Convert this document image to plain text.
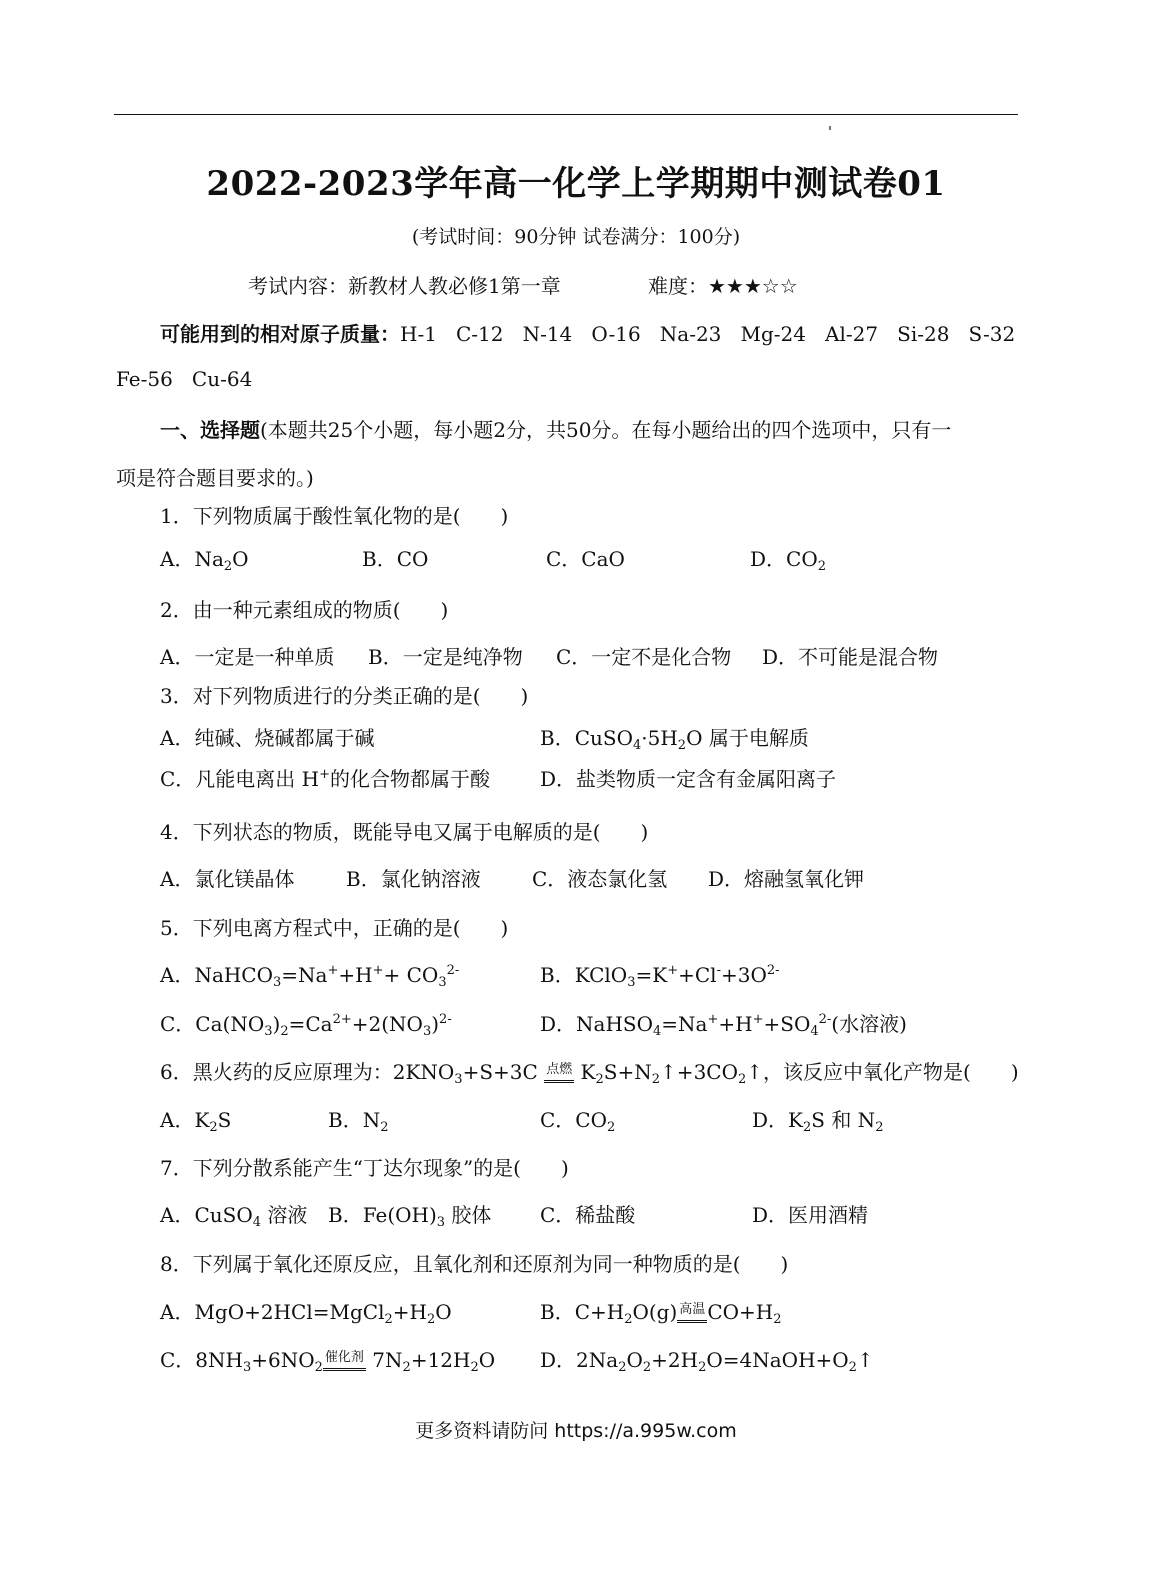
2022-2023学年高一化学上学期期中测试卷01
(考试时间：90分钟 试卷满分：100分)
考试内容：新教材人教必修1第一章	难度：★★★☆☆
可能用到的相对原子质量：H-1   C-12   N-14   O-16   Na-23   Mg-24   Al-27   Si-28   S-32
Fe-56   Cu-64
一、选择题(本题共25个小题，每小题2分，共50分。在每小题给出的四个选项中，只有一
项是符合题目要求的。)
1．下列物质属于酸性氧化物的是(　　)
A．$Na_2O$	B．CO	C．CaO	D．$CO_2$
2．由一种元素组成的物质(　　)
A．一定是一种单质 B．一定是纯净物 C．一定不是化合物 D．不可能是混合物
3．对下列物质进行的分类正确的是(　　)
A．纯碱、烧碱都属于碱	B．$CuSO_4\cdot 5H_2O$ 属于电解质
C．凡能电离出 H+的化合物都属于酸 D．盐类物质一定含有金属阳离子
4．下列状态的物质，既能导电又属于电解质的是(　　)
A．氯化镁晶体	B．氯化钠溶液	C．液态氯化氢 D．熔融氢氧化钾
5．下列电离方程式中，正确的是(　　)
A．NaHCO$_3$=Na++H++ $CO_3^{2-}$	B．$KClO_3=K^++Cl^-+3O^{2-}$
C．$Ca(NO_3)_2=Ca^{2+}+2(NO_3)^{2-}$	D．$NaHSO_4=Na^++H^++SO_4^{2-}$(水溶液)
6．黑火药的反应原理为：$2KNO_3+S+3C$ 点燃 $K_2S+N_2↑+3CO_2↑$，该反应中氧化产物是(　　)
A．$K_2S$	B．$N_2$	C．$CO_2$	D．$K_2S$ 和 $N_2$
7．下列分散系能产生“丁达尔现象”的是(　　)
A．CuSO$_4$ 溶液 B．$Fe(OH)_3$ 胶体 C．稀盐酸	D．医用酒精
8．下列属于氧化还原反应，且氧化剂和还原剂为同一种物质的是(　　)
A．$MgO+2HCl=MgCl_2+H_2O$	B．$C+H_2O(g)$ 高温 $CO+H_2$
C．$8NH_3+6NO_2$催化剂 $7N_2+12H_2O$ D．$2Na_2O_2+2H_2O=4NaOH+O_2↑$
更多资料请防问 https://a.995w.com
